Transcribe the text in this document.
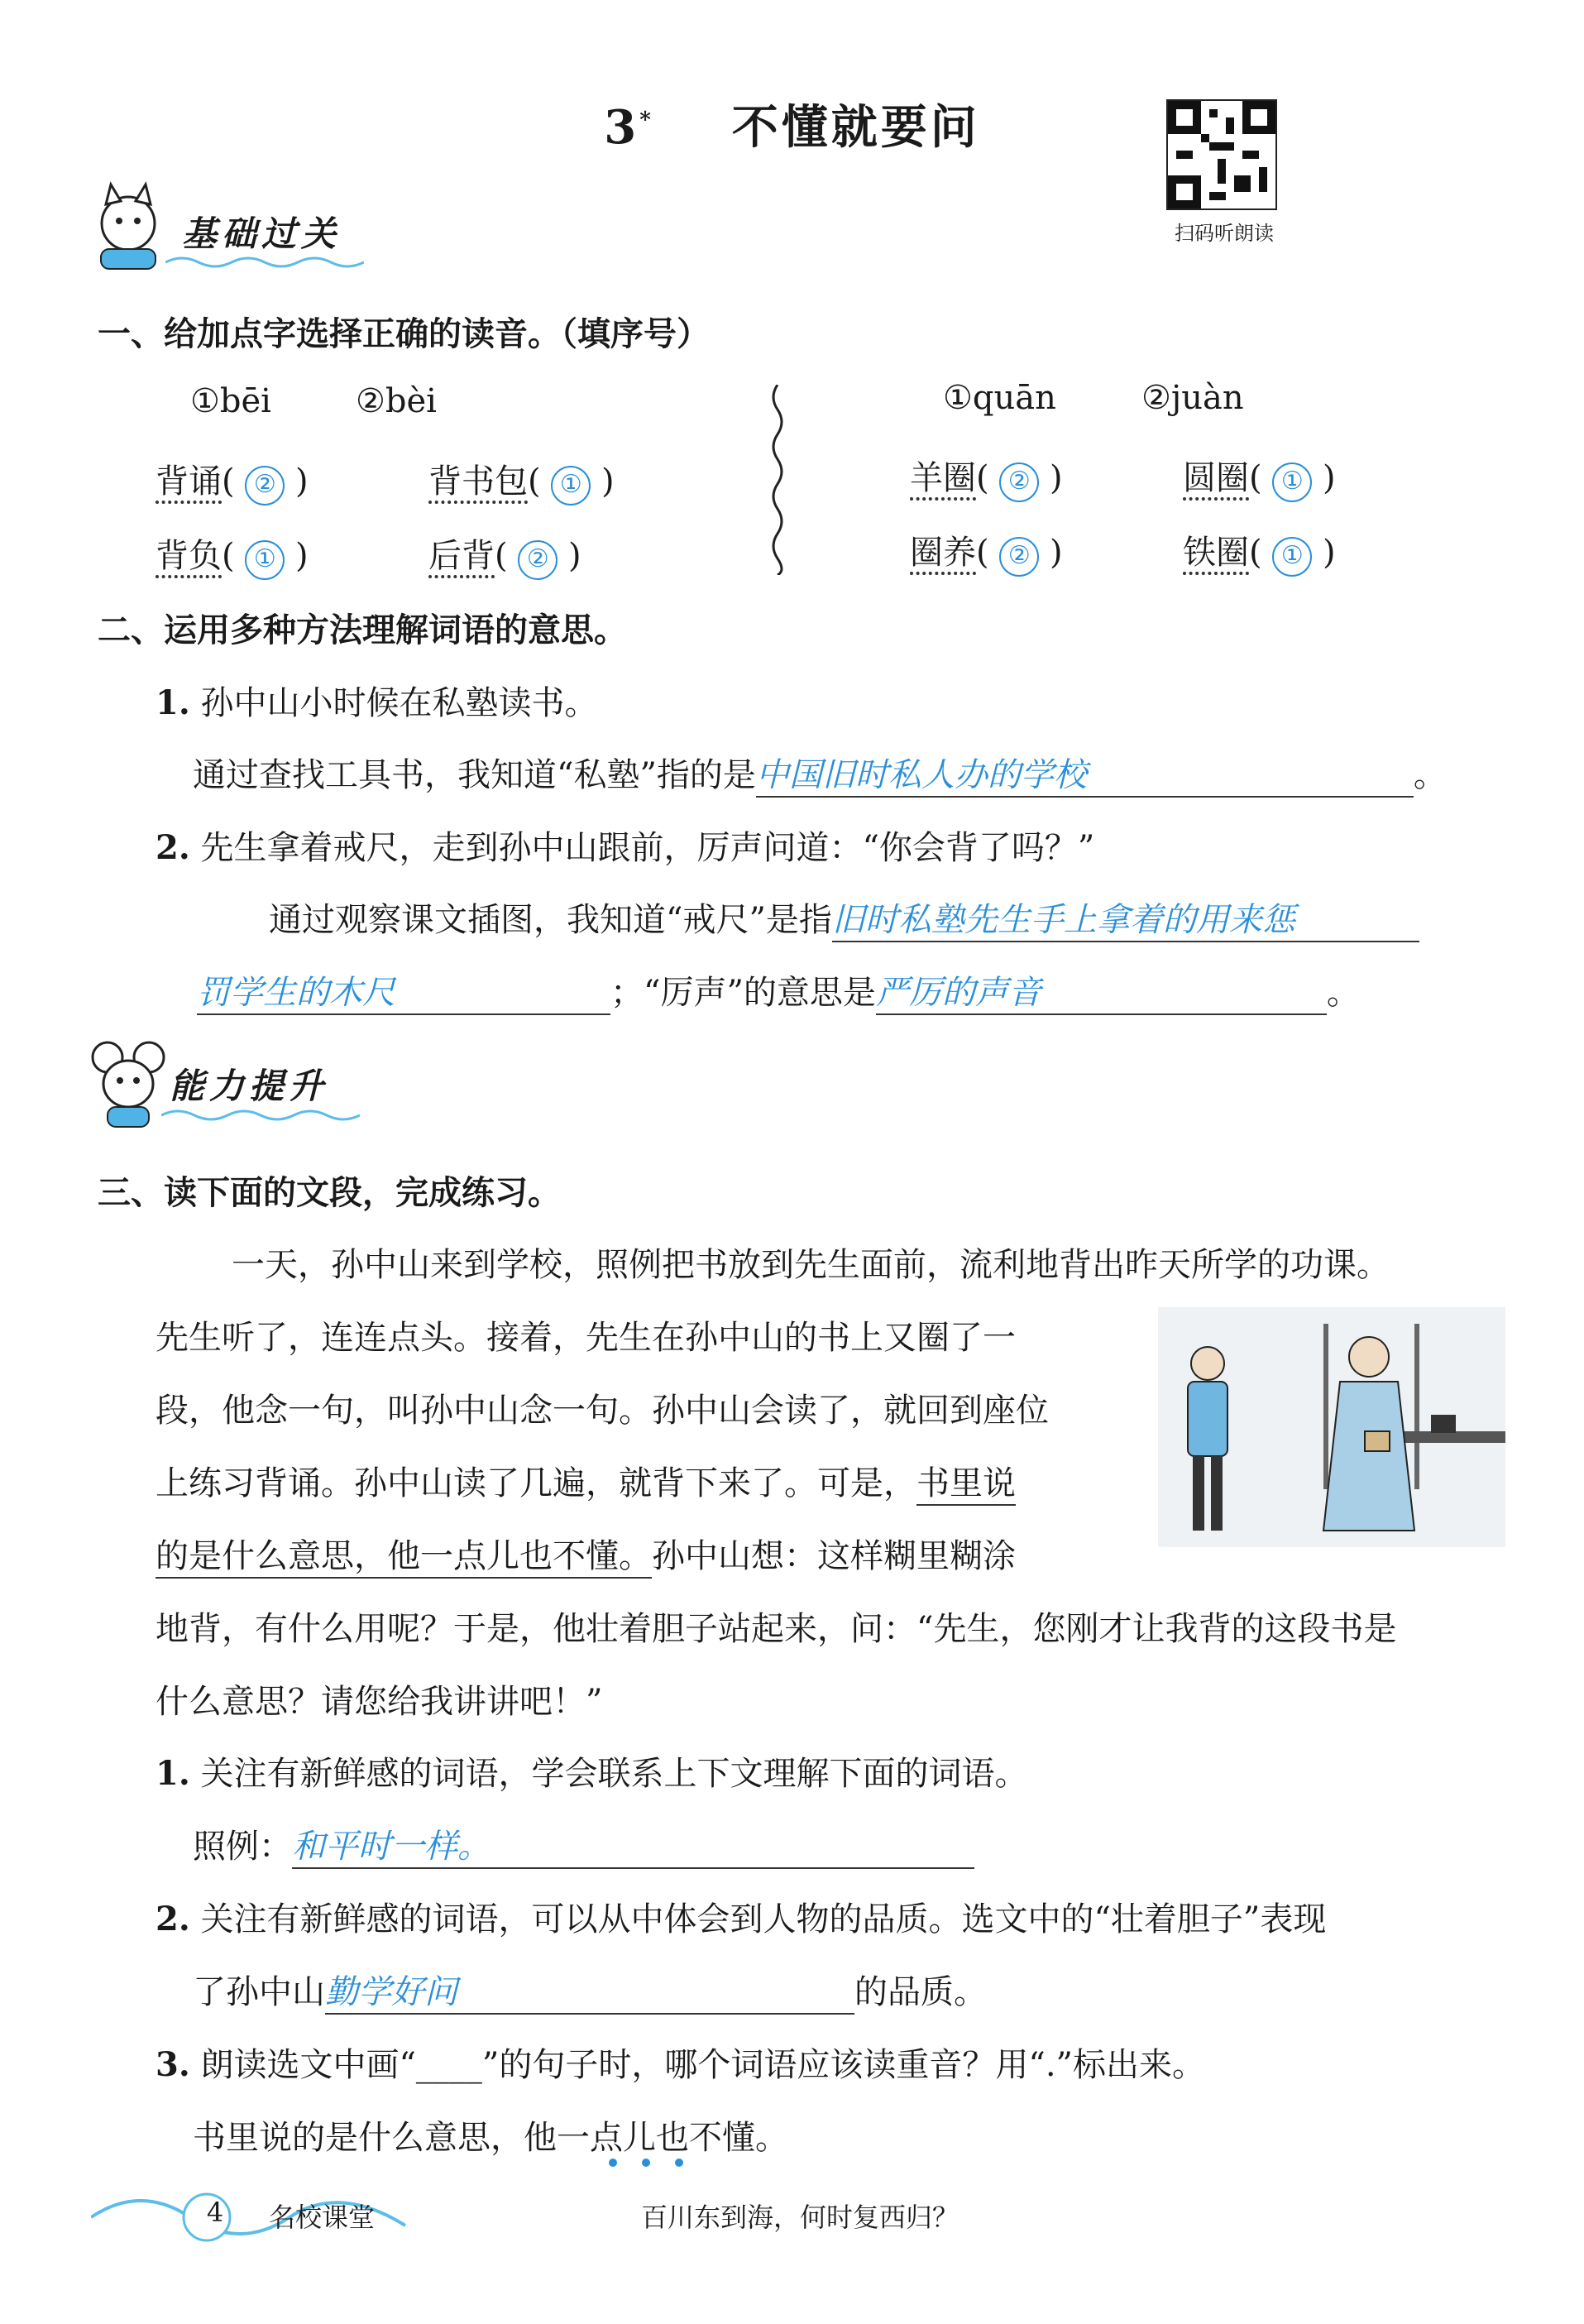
3* 不懂就要问
扫码听朗读
基础过关
一、给加点字选择正确的读音。（填序号）
①bēi	②bèi	①quān	②juàn
背诵( ② )	背书包( ① )
背负( ① )	后背( ② )
羊圈( ② )	圆圈( ① )
圈养( ② )	铁圈( ① )
二、运用多种方法理解词语的意思。
1. 孙中山小时候在私塾读书。
通过查找工具书，我知道“私塾”指的是中国旧时私人办的学校	。
2. 先生拿着戒尺，走到孙中山跟前，厉声问道：“你会背了吗？”
通过观察课文插图，我知道“戒尺”是指旧时私塾先生手上拿着的用来惩
罚学生的木尺	；“厉声”的意思是严厉的声音	。
能力提升
三、读下面的文段，完成练习。
一天，孙中山来到学校，照例把书放到先生面前，流利地背出昨天所学的功课。
先生听了，连连点头。接着，先生在孙中山的书上又圈了一
段，他念一句，叫孙中山念一句。孙中山会读了，就回到座位
上练习背诵。孙中山读了几遍，就背下来了。可是，书里说
的是什么意思，他一点儿也不懂。孙中山想：这样糊里糊涂
地背，有什么用呢？于是，他壮着胆子站起来，问：“先生，您刚才让我背的这段书是
什么意思？请您给我讲讲吧！”
1. 关注有新鲜感的词语，学会联系上下文理解下面的词语。
照例：和平时一样。
2. 关注有新鲜感的词语，可以从中体会到人物的品质。选文中的“壮着胆子”表现
了孙中山勤学好问	的品质。
3. 朗读选文中画“____”的句子时，哪个词语应该读重音？用“.”标出来。
书里说的是什么意思，他一点儿也不懂。
4	名校课堂	百川东到海，何时复西归？
